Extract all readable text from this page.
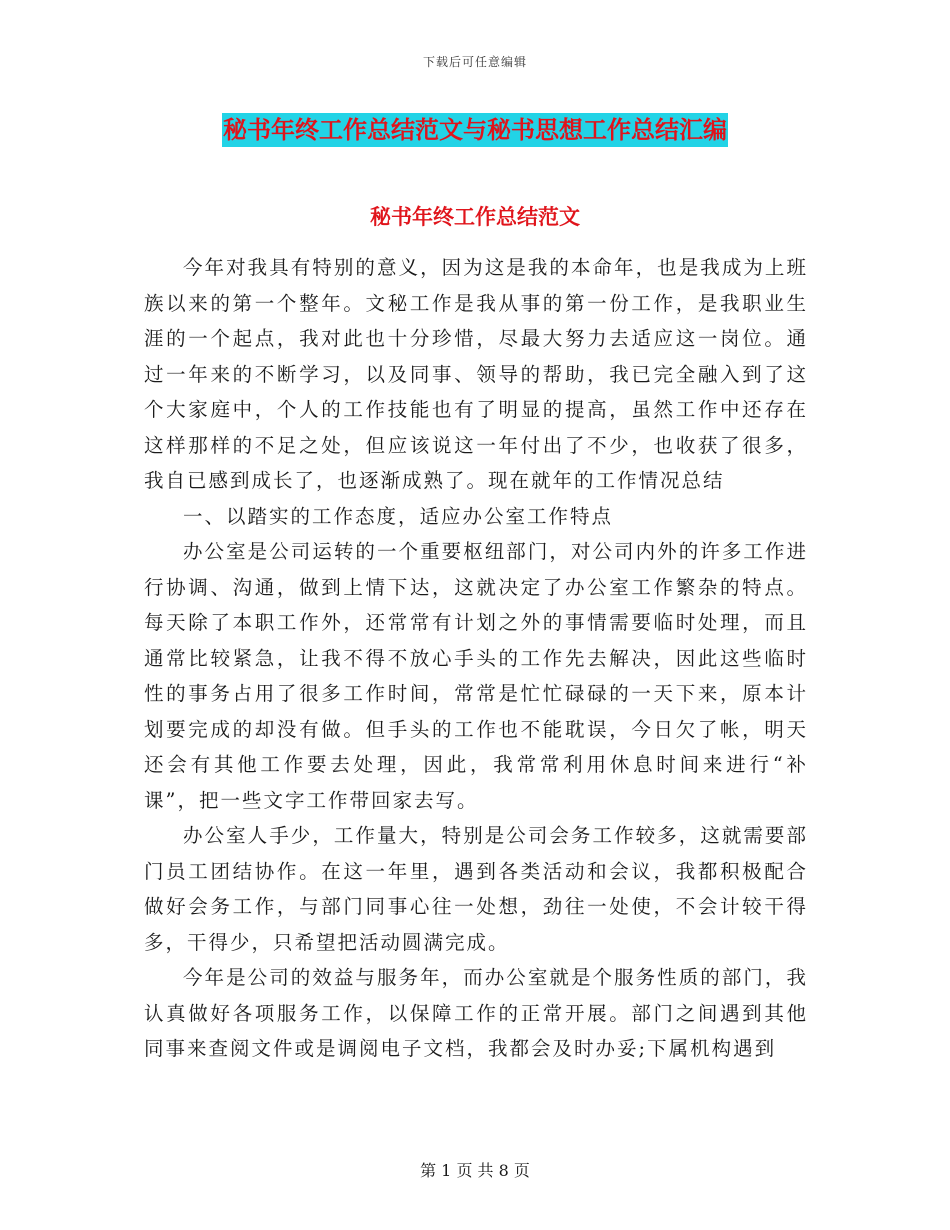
下载后可任意编辑
秘书年终工作总结范文与秘书思想工作总结汇编
秘书年终工作总结范文

今年对我具有特别的意义，因为这是我的本命年，也是我成为上班族以来的第一个整年。文秘工作是我从事的第一份工作，是我职业生涯的一个起点，我对此也十分珍惜，尽最大努力去适应这一岗位。通过一年来的不断学习，以及同事、领导的帮助，我已完全融入到了这个大家庭中，个人的工作技能也有了明显的提高，虽然工作中还存在这样那样的不足之处，但应该说这一年付出了不少，也收获了很多，我自已感到成长了，也逐渐成熟了。现在就年的工作情况总结

一、以踏实的工作态度，适应办公室工作特点

办公室是公司运转的一个重要枢纽部门，对公司内外的许多工作进行协调、沟通，做到上情下达，这就决定了办公室工作繁杂的特点。每天除了本职工作外，还常常有计划之外的事情需要临时处理，而且通常比较紧急，让我不得不放心手头的工作先去解决，因此这些临时性的事务占用了很多工作时间，常常是忙忙碌碌的一天下来，原本计划要完成的却没有做。但手头的工作也不能耽误，今日欠了帐，明天还会有其他工作要去处理，因此，我常常利用休息时间来进行“补课”，把一些文字工作带回家去写。

办公室人手少，工作量大，特别是公司会务工作较多，这就需要部门员工团结协作。在这一年里，遇到各类活动和会议，我都积极配合做好会务工作，与部门同事心往一处想，劲往一处使，不会计较干得多，干得少，只希望把活动圆满完成。

今年是公司的效益与服务年，而办公室就是个服务性质的部门，我认真做好各项服务工作，以保障工作的正常开展。部门之间遇到其他同事来查阅文件或是调阅电子文档，我都会及时办妥;下属机构遇到

第 1 页 共 8 页
